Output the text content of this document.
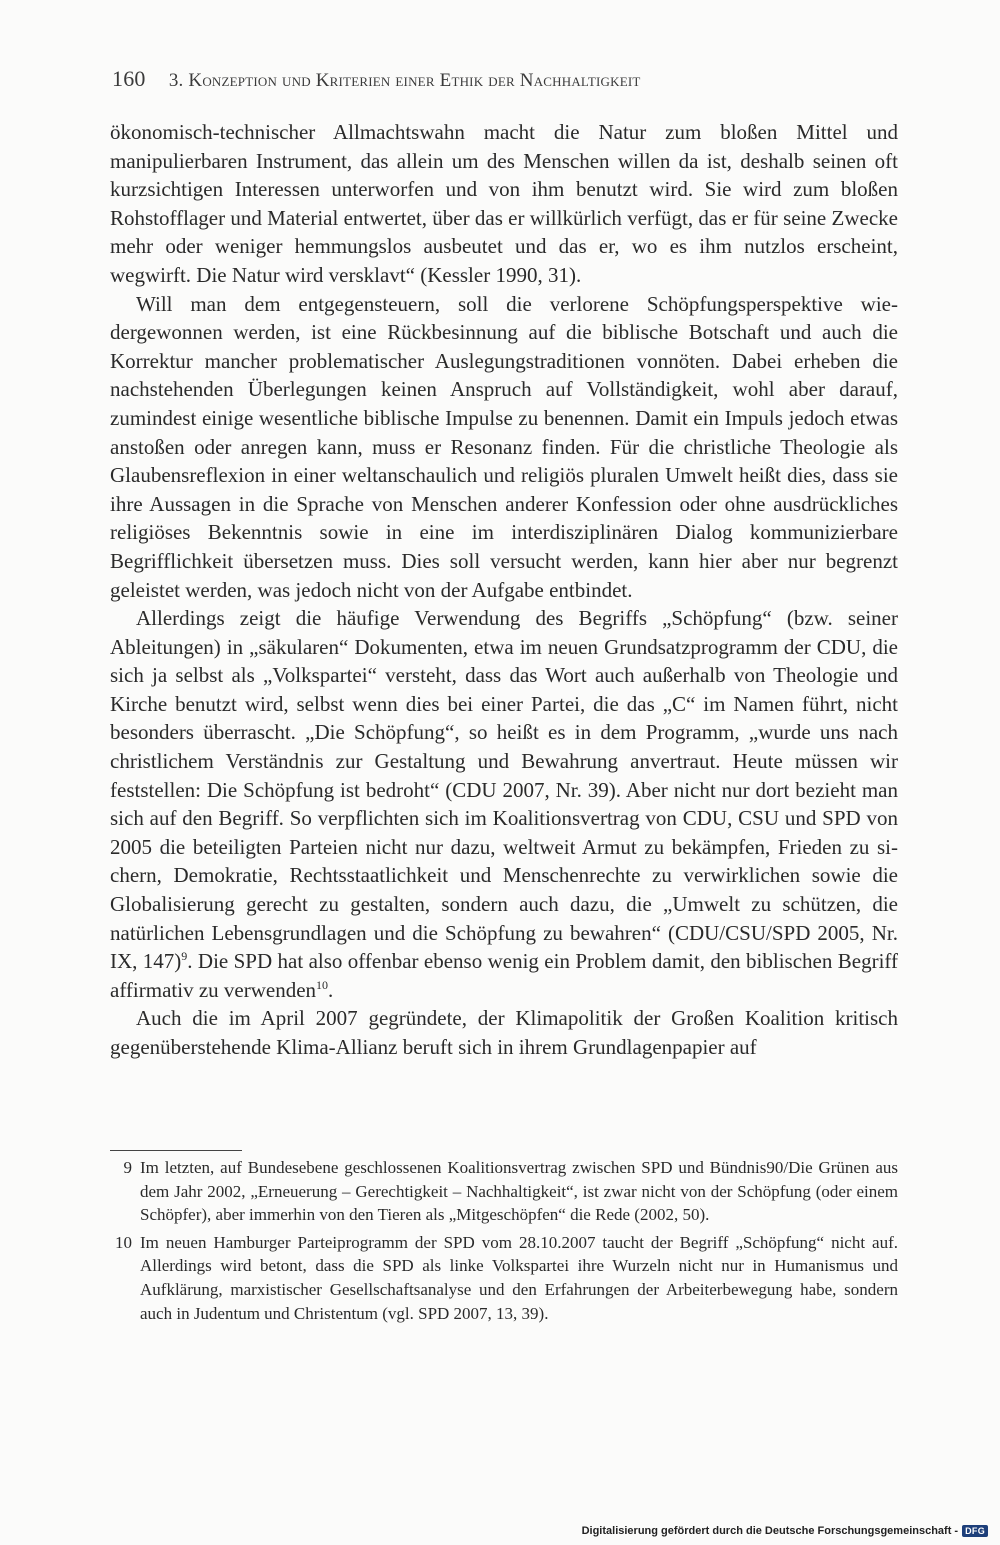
160 3. Konzeption und Kriterien einer Ethik der Nachhaltigkeit

ökonomisch-technischer Allmachtswahn macht die Natur zum bloßen Mittel und manipulierbaren Instrument, das allein um des Menschen willen da ist, deshalb seinen oft kurzsichtigen Interessen unterworfen und von ihm benutzt wird. Sie wird zum bloßen Rohstofflager und Material entwertet, über das er willkürlich verfügt, das er für seine Zwecke mehr oder weniger hemmungslos ausbeutet und das er, wo es ihm nutzlos erscheint, wegwirft. Die Natur wird versklavt“ (Kessler 1990, 31).

Will man dem entgegensteuern, soll die verlorene Schöpfungsperspektive wiedergewonnen werden, ist eine Rückbesinnung auf die biblische Botschaft und auch die Korrektur mancher problematischer Auslegungstraditionen vonnöten. Dabei erheben die nachstehenden Überlegungen keinen Anspruch auf Vollständigkeit, wohl aber darauf, zumindest einige wesentliche biblische Impulse zu benennen. Damit ein Impuls jedoch etwas anstoßen oder anregen kann, muss er Resonanz finden. Für die christliche Theologie als Glaubensreflexion in einer weltanschaulich und religiös pluralen Umwelt heißt dies, dass sie ihre Aussagen in die Sprache von Menschen anderer Konfession oder ohne ausdrückliches religiöses Bekenntnis sowie in eine im interdisziplinären Dialog kommunizierbare Begrifflichkeit übersetzen muss. Dies soll versucht werden, kann hier aber nur begrenzt geleistet werden, was jedoch nicht von der Aufgabe entbindet.

Allerdings zeigt die häufige Verwendung des Begriffs „Schöpfung“ (bzw. seiner Ableitungen) in „säkularen“ Dokumenten, etwa im neuen Grundsatzprogramm der CDU, die sich ja selbst als „Volkspartei“ versteht, dass das Wort auch außerhalb von Theologie und Kirche benutzt wird, selbst wenn dies bei einer Partei, die das „C“ im Namen führt, nicht besonders überrascht. „Die Schöpfung“, so heißt es in dem Programm, „wurde uns nach christlichem Verständnis zur Gestaltung und Bewahrung anvertraut. Heute müssen wir feststellen: Die Schöpfung ist bedroht“ (CDU 2007, Nr. 39). Aber nicht nur dort bezieht man sich auf den Begriff. So verpflichten sich im Koalitionsvertrag von CDU, CSU und SPD von 2005 die beteiligten Parteien nicht nur dazu, weltweit Armut zu bekämpfen, Frieden zu sichern, Demokratie, Rechtsstaatlichkeit und Menschenrechte zu verwirklichen sowie die Globalisierung gerecht zu gestalten, sondern auch dazu, die „Umwelt zu schützen, die natürlichen Lebensgrundlagen und die Schöpfung zu bewahren“ (CDU/CSU/SPD 2005, Nr. IX, 147)$^9$. Die SPD hat also offenbar ebenso wenig ein Problem damit, den biblischen Begriff affirmativ zu verwenden$^{10}$.

Auch die im April 2007 gegründete, der Klimapolitik der Großen Koalition kritisch gegenüberstehende Klima-Allianz beruft sich in ihrem Grundlagenpapier auf

9 Im letzten, auf Bundesebene geschlossenen Koalitionsvertrag zwischen SPD und Bündnis90/Die Grünen aus dem Jahr 2002, „Erneuerung – Gerechtigkeit – Nachhaltigkeit“, ist zwar nicht von der Schöpfung (oder einem Schöpfer), aber immerhin von den Tieren als „Mitgeschöpfen“ die Rede (2002, 50).
10 Im neuen Hamburger Parteiprogramm der SPD vom 28.10.2007 taucht der Begriff „Schöpfung“ nicht auf. Allerdings wird betont, dass die SPD als linke Volkspartei ihre Wurzeln nicht nur in Humanismus und Aufklärung, marxistischer Gesellschaftsanalyse und den Erfahrungen der Arbeiterbewegung habe, sondern auch in Judentum und Christentum (vgl. SPD 2007, 13, 39).
Digitalisierung gefördert durch die Deutsche Forschungsgemeinschaft - DFG
